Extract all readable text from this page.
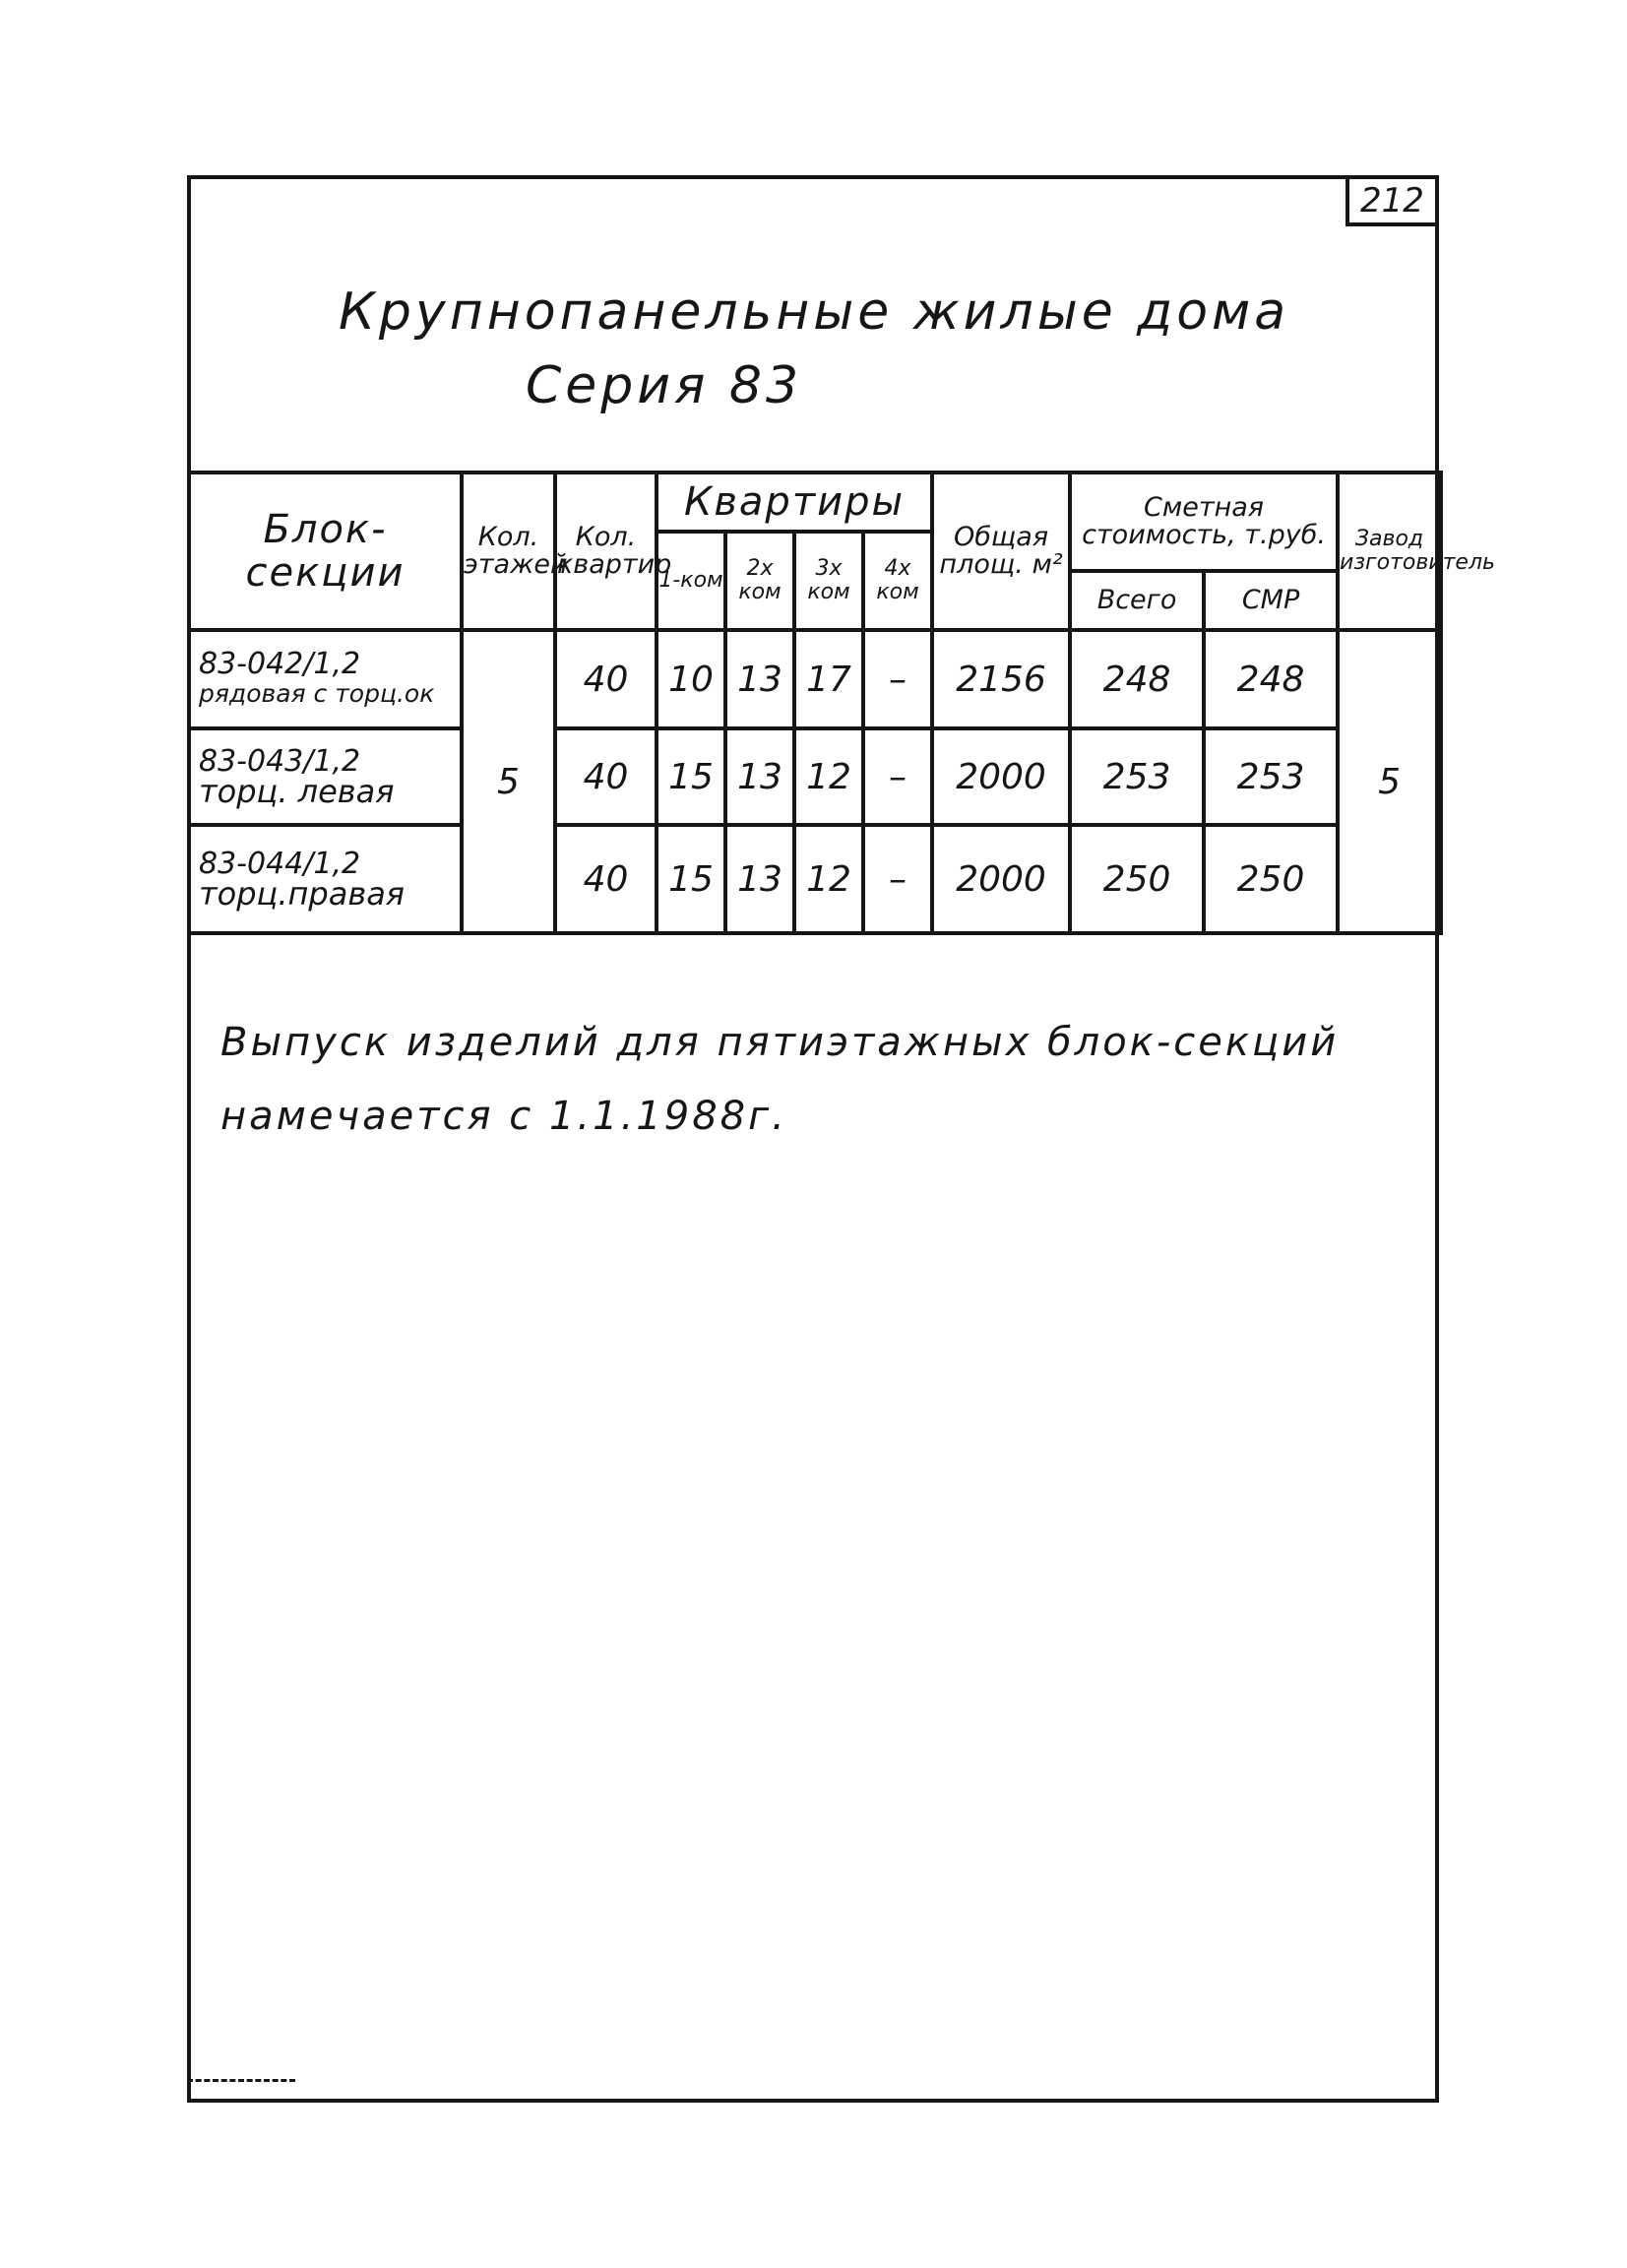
212
Крупнопанельные жилые дома
Серия 83
Блок-секции	Кол. этажей	Кол. квартир	Квартиры				Общая площ. м²	Сметная стоимость, т.руб.		Завод изготовитель
			1-ком	2х ком	3х ком	4х ком				
								Всего	СМР	

83-042/1,2
рядовая с торц.ок	5	40	10	13	17	–	2156	248	248	5

83-043/1,2
торц. левая		40	15	13	12	–	2000	253	253	

83-044/1,2
торц.правая		40	15	13	12	–	2000	250	250	
Выпуск изделий для пятиэтажных блок-секций
намечается с 1.1.1988г.
